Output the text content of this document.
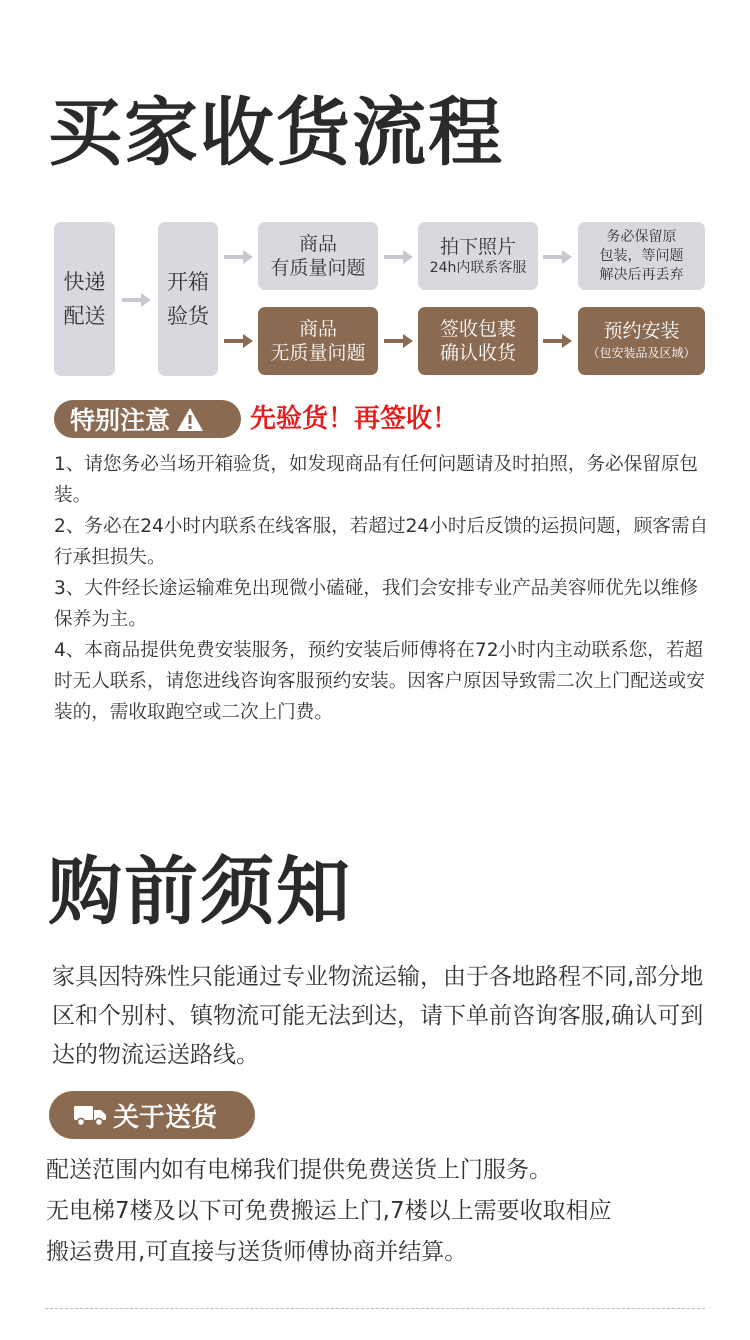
买家收货流程
快递
配送
开箱
验货
商品
有质量问题
拍下照片
24h内联系客服
务必保留原
包装，等问题
解决后再丢弃
商品
无质量问题
签收包裹
确认收货
预约安装
（包安装品及区域）
特别注意	先验货！再签收！

1、请您务必当场开箱验货，如发现商品有任何问题请及时拍照，务必保留原包装。

2、务必在24小时内联系在线客服，若超过24小时后反馈的运损问题，顾客需自行承担损失。

3、大件经长途运输难免出现微小磕碰，我们会安排专业产品美容师优先以维修保养为主。

4、本商品提供免费安装服务，预约安装后师傅将在72小时内主动联系您，若超时无人联系，请您进线咨询客服预约安装。因客户原因导致需二次上门配送或安装的，需收取跑空或二次上门费。

购前须知
家具因特殊性只能通过专业物流运输，由于各地路程不同,部分地区和个别村、镇物流可能无法到达，请下单前咨询客服,确认可到达的物流运送路线。
关于送货

配送范围内如有电梯我们提供免费送货上门服务。

无电梯7楼及以下可免费搬运上门,7楼以上需要收取相应

搬运费用,可直接与送货师傅协商并结算。
